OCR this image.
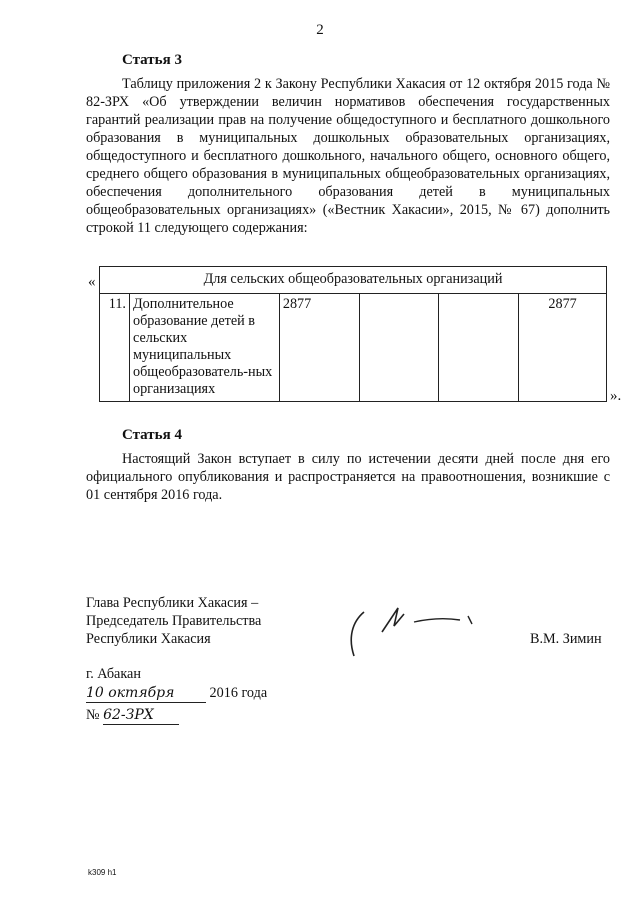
2
Статья 3
Таблицу приложения 2 к Закону Республики Хакасия от 12 октября 2015 года № 82-ЗРХ «Об утверждении величин нормативов обеспечения государственных гарантий реализации прав на получение общедоступного и бесплатного дошкольного образования в муниципальных дошкольных образовательных организациях, общедоступного и бесплатного дошкольного, начального общего, основного общего, среднего общего образования в муниципальных общеобразовательных организациях, обеспечения дополнительного образования детей в муниципальных общеобразовательных организациях» («Вестник Хакасии», 2015, № 67) дополнить строкой 11 следующего содержания:
«	Для сельских общеобразовательных организаций
11.	Дополнительное образование детей в сельских муниципальных общеобразователь-ных организациях	2877			2877
».
Статья 4
Настоящий Закон вступает в силу по истечении десяти дней после дня его официального опубликования и распространяется на правоотношения, возникшие с 01 сентября 2016 года.
Глава Республики Хакасия –
Председатель Правительства
Республики Хакасия	В.М. Зимин
г. Абакан
10 октября 2016 года
№ 62-ЗРХ
k309 h1
